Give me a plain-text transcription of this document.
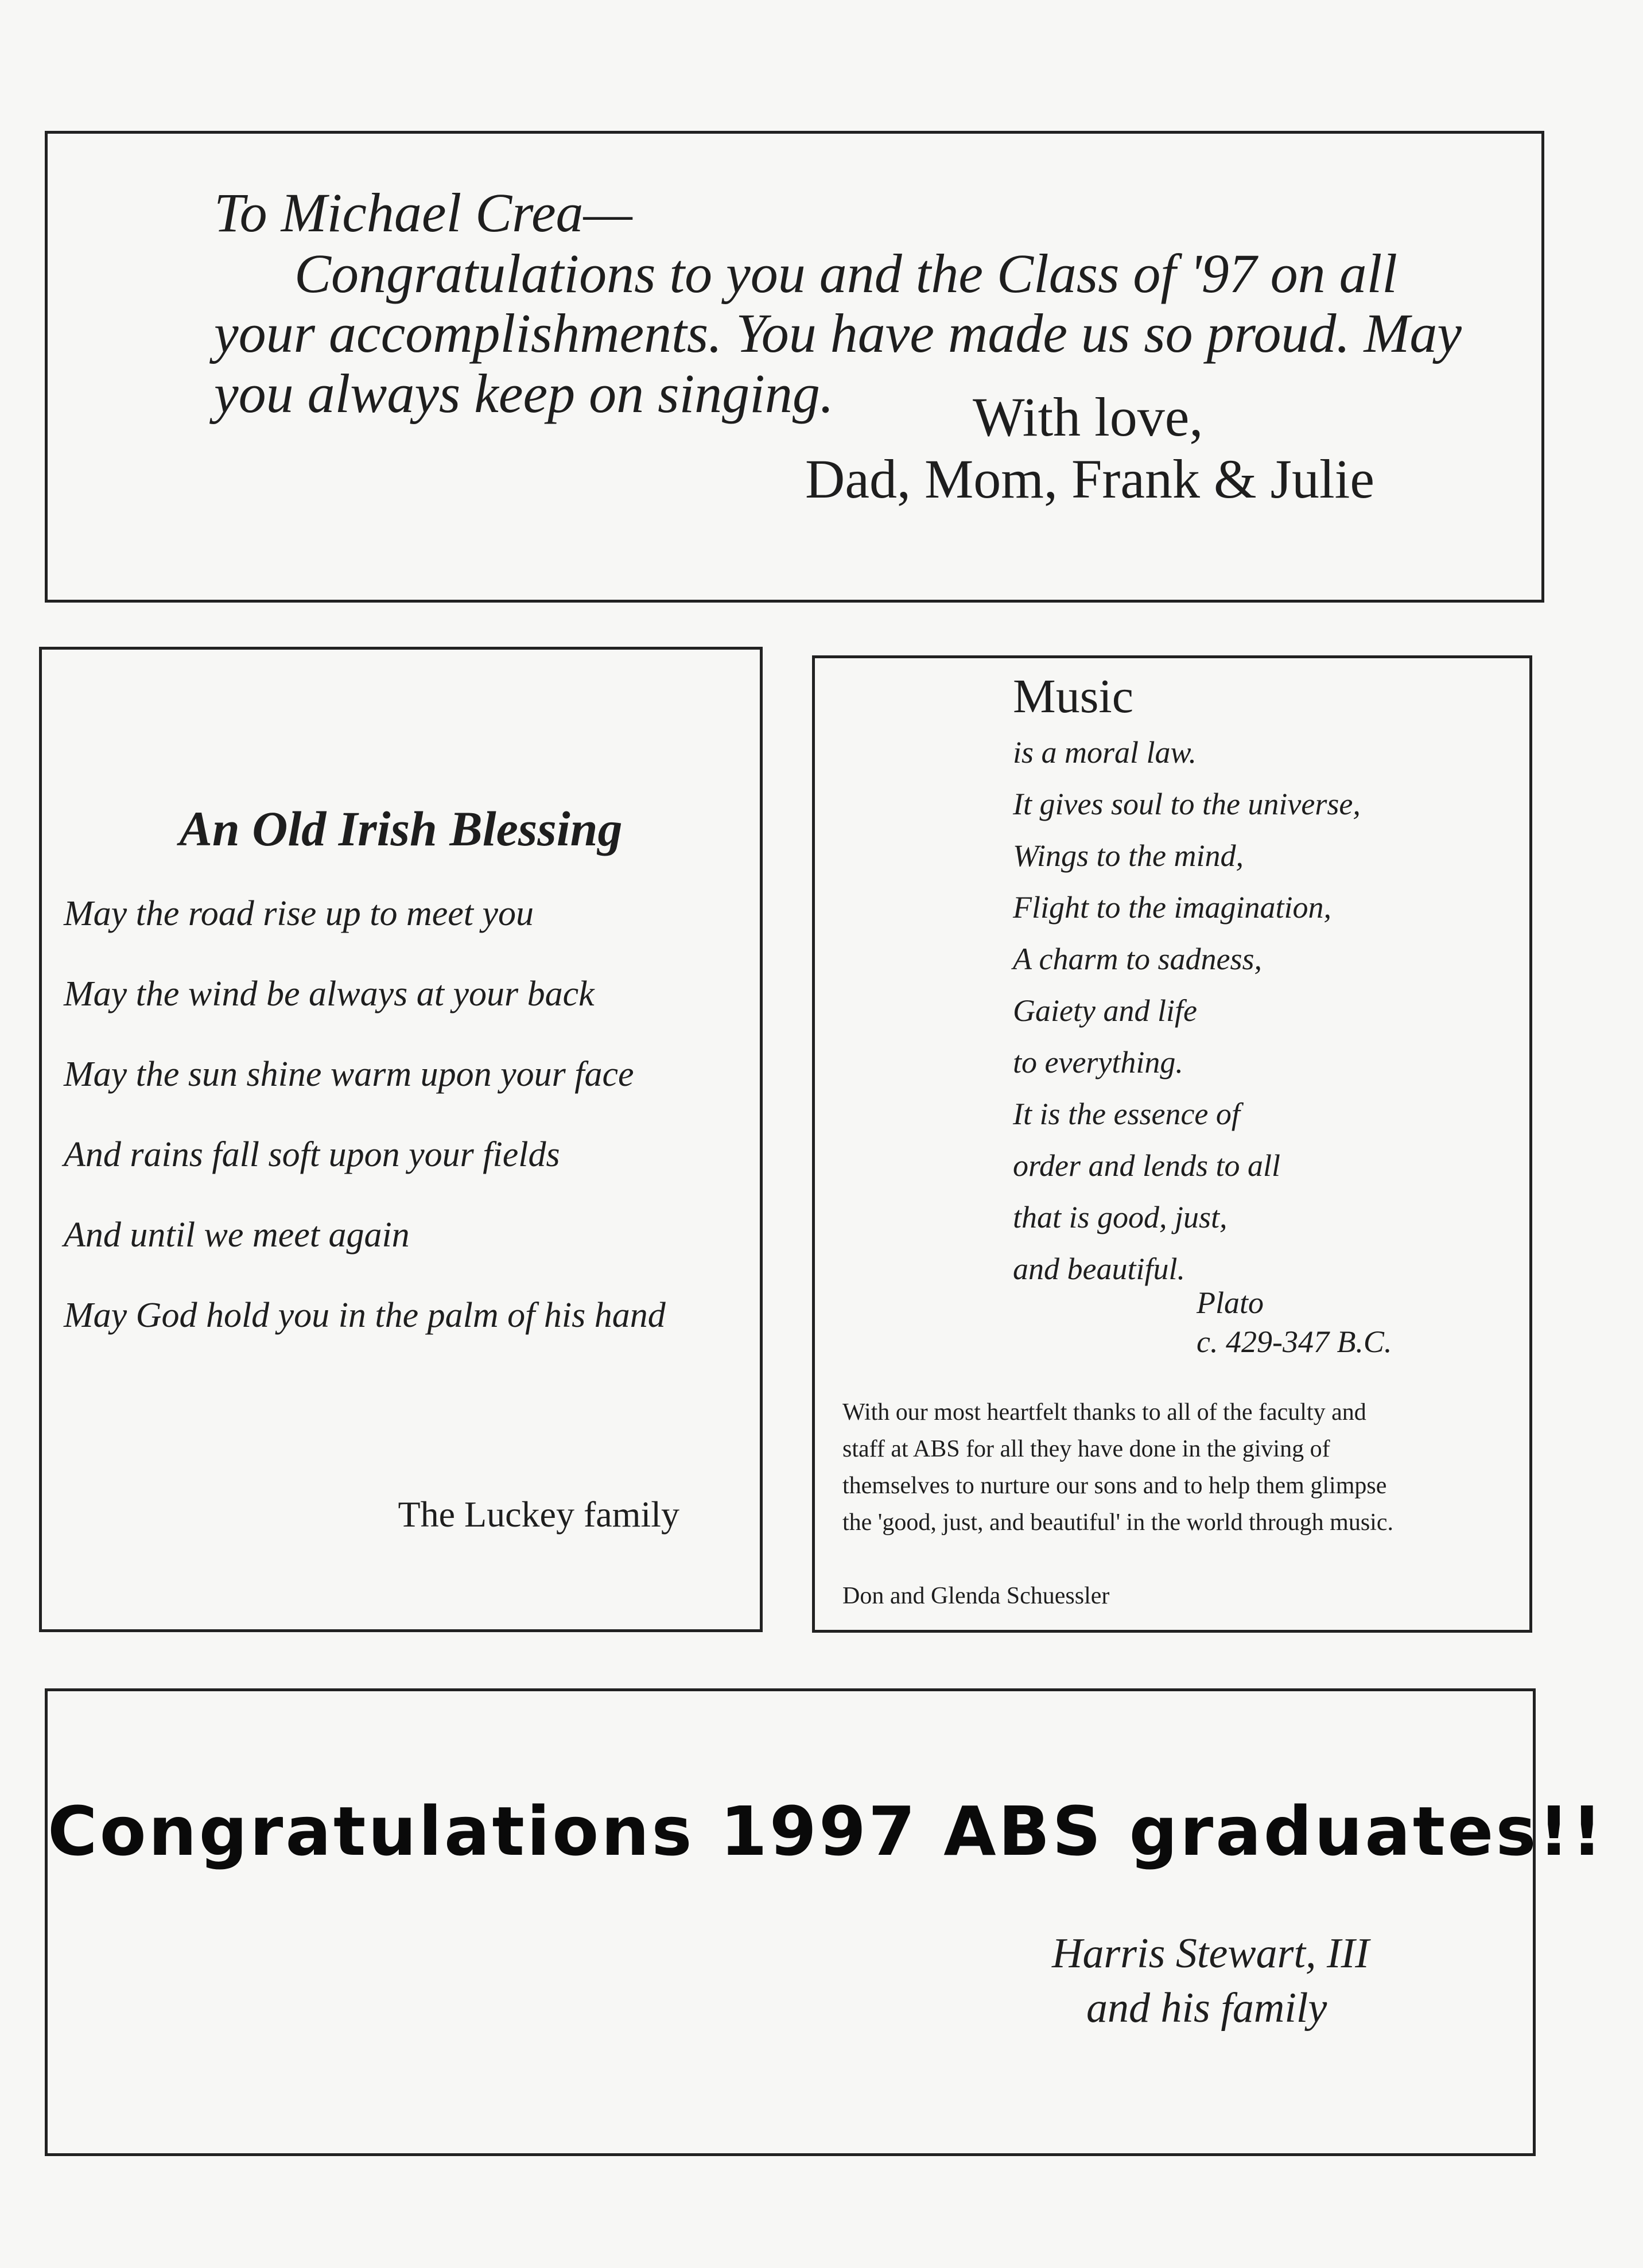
To Michael Crea—
Congratulations to you and the Class of '97 on all
your accomplishments. You have made us so proud. May
you always keep on singing.	With love,
Dad, Mom, Frank & Julie
An Old Irish Blessing
May the road rise up to meet you
May the wind be always at your back
May the sun shine warm upon your face
And rains fall soft upon your fields
And until we meet again
May God hold you in the palm of his hand
The Luckey family
Music
is a moral law.
It gives soul to the universe,
Wings to the mind,
Flight to the imagination,
A charm to sadness,
Gaiety and life
to everything.
It is the essence of
order and lends to all
that is good, just,
and beautiful.
Plato
c. 429-347 B.C.
With our most heartfelt thanks to all of the faculty and
staff at ABS for all they have done in the giving of
themselves to nurture our sons and to help them glimpse
the 'good, just, and beautiful' in the world through music.
Don and Glenda Schuessler
Congratulations 1997 ABS graduates!!
Harris Stewart, III
and his family
